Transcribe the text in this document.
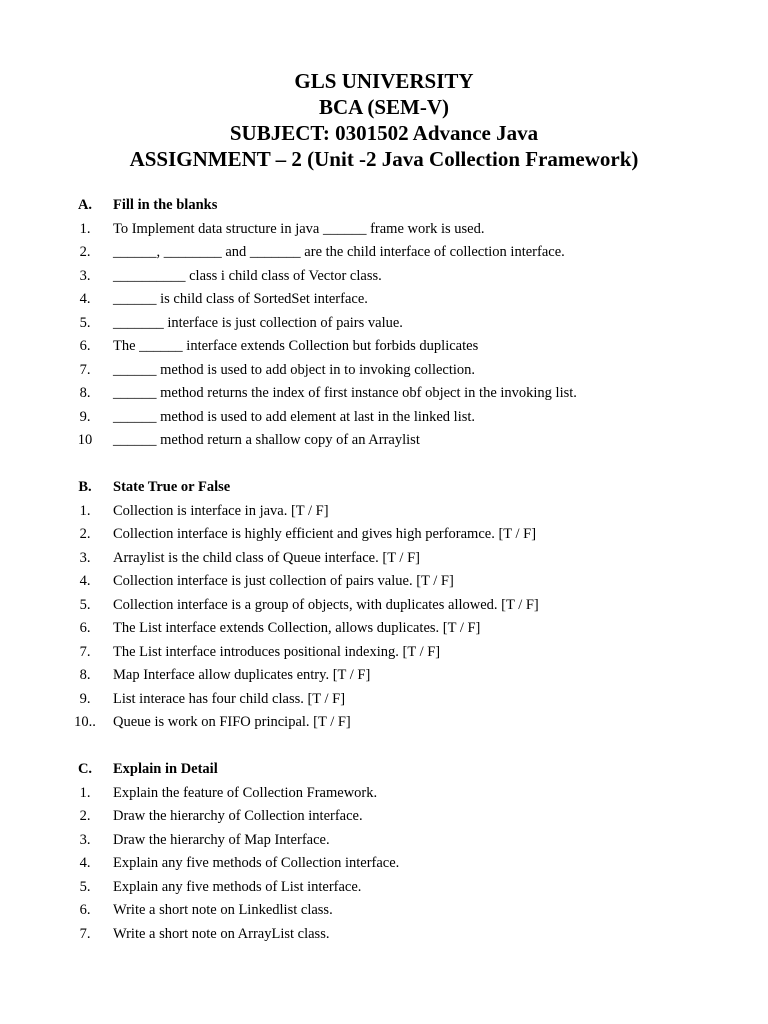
GLS UNIVERSITY
BCA (SEM-V)
SUBJECT: 0301502 Advance Java
ASSIGNMENT – 2 (Unit -2 Java Collection Framework)
A.	Fill in the blanks
1.	To Implement data structure in java ______ frame work is used.
2.	______, ________ and _______ are the child interface of collection interface.
3.	__________ class i child class of Vector class.
4.	______ is child class of SortedSet interface.
5.	_______ interface is just collection of pairs value.
6.	The ______ interface extends Collection but forbids duplicates
7.	______ method is used to add object in to invoking collection.
8.	______ method returns the index of first instance obf object in the invoking list.
9.	______ method is used to add element at last in the linked list.
10	______ method return a shallow copy of an Arraylist
B.	State True or False
1.	Collection is interface in java. [T / F]
2.	Collection interface is highly efficient and gives high perforamce. [T / F]
3.	Arraylist is the child class of Queue interface. [T / F]
4.	Collection interface is just collection of pairs value. [T / F]
5.	Collection interface is a group of objects, with duplicates allowed. [T / F]
6.	The List interface extends Collection, allows duplicates. [T / F]
7.	The List interface introduces positional indexing. [T / F]
8.	Map Interface allow duplicates entry. [T / F]
9.	List interace has four child class. [T / F]
10.. Queue is work on FIFO principal. [T / F]
C.	Explain in Detail
1.	Explain the feature of Collection Framework.
2.	Draw the hierarchy of Collection interface.
3.	Draw the hierarchy of Map Interface.
4.	Explain any five methods of Collection interface.
5.	Explain any five methods of List interface.
6.	Write a short note on Linkedlist class.
7.	Write a short note on ArrayList class.
